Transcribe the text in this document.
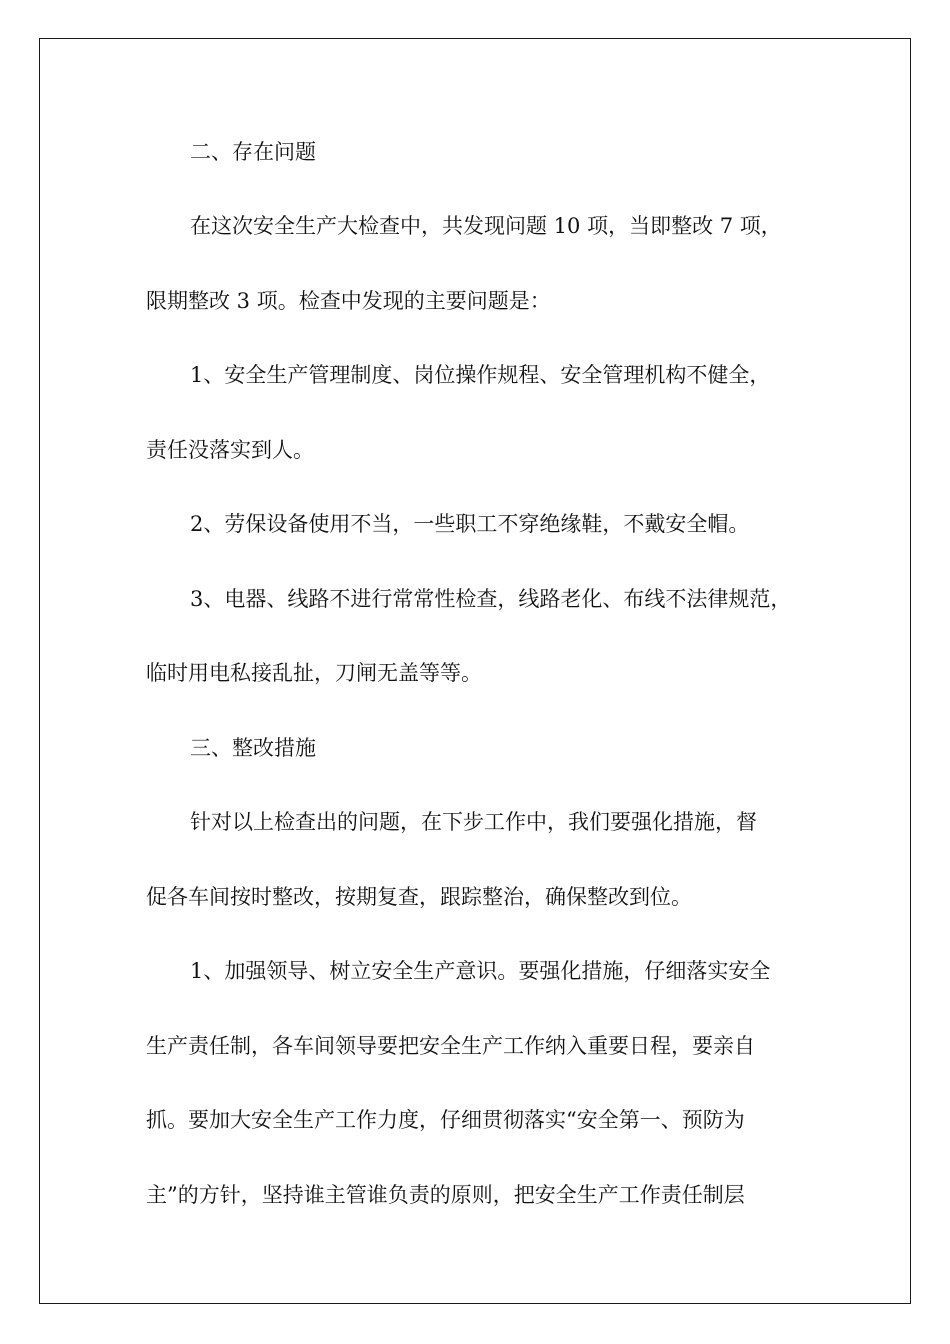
二、存在问题

在这次安全生产大检查中，共发现问题 10 项，当即整改 7 项，

限期整改 3 项。检查中发现的主要问题是：

1、安全生产管理制度、岗位操作规程、安全管理机构不健全，

责任没落实到人。

2、劳保设备使用不当，一些职工不穿绝缘鞋，不戴安全帽。

3、电器、线路不进行常常性检查，线路老化、布线不法律规范，

临时用电私接乱扯，刀闸无盖等等。

三、整改措施

针对以上检查出的问题，在下步工作中，我们要强化措施，督

促各车间按时整改，按期复查，跟踪整治，确保整改到位。

1、加强领导、树立安全生产意识。要强化措施，仔细落实安全

生产责任制，各车间领导要把安全生产工作纳入重要日程，要亲自

抓。要加大安全生产工作力度，仔细贯彻落实“安全第一、预防为

主”的方针，坚持谁主管谁负责的原则，把安全生产工作责任制层
